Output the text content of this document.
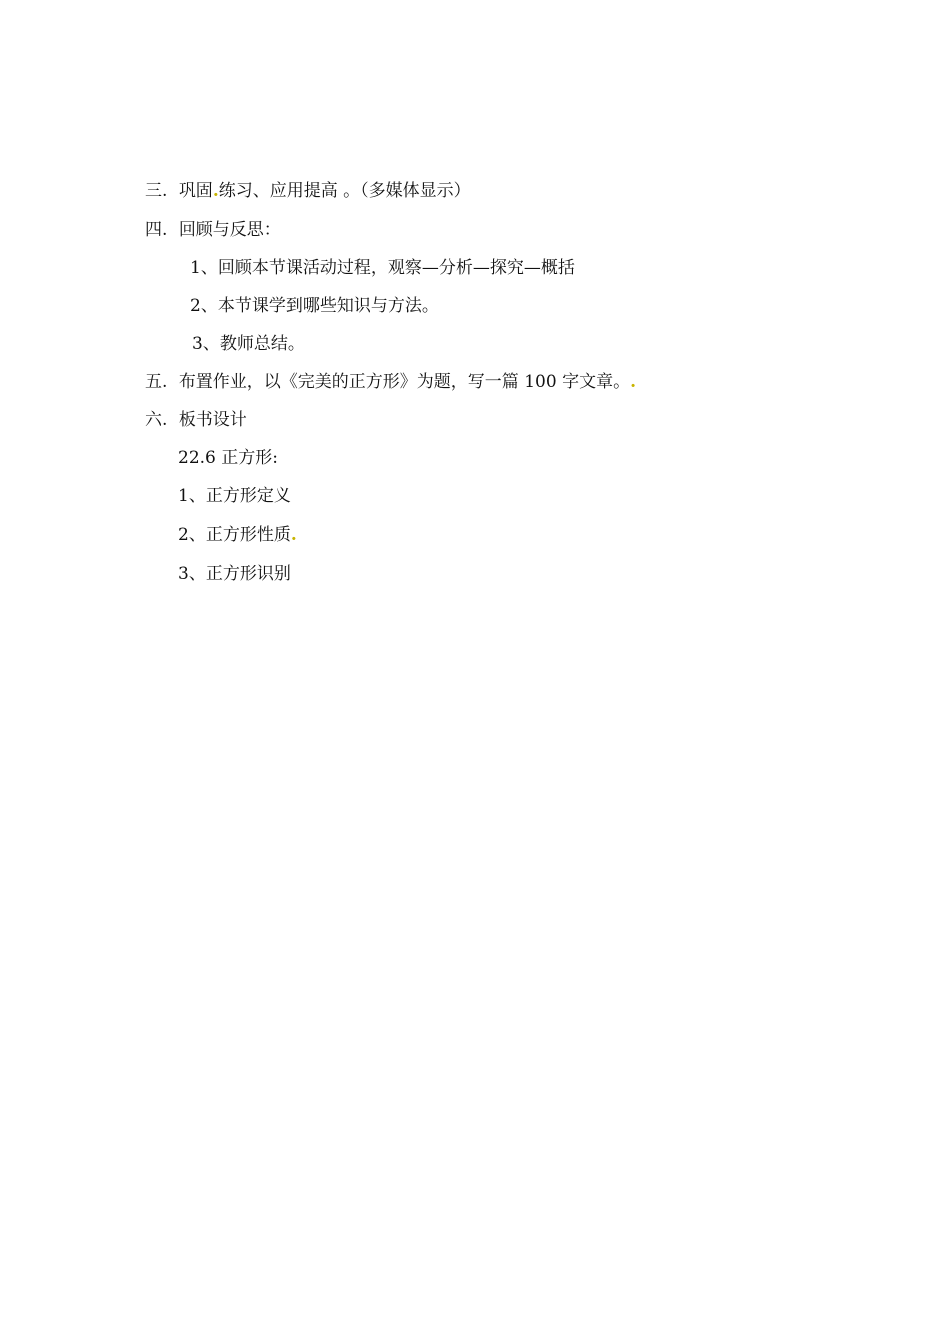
三. 巩固.练习、应用提高 。（多媒体显示）
四. 回顾与反思：
1、回顾本节课活动过程，观察—分析—探究—概括
2、本节课学到哪些知识与方法。
3、教师总结。
五. 布置作业，以《完美的正方形》为题，写一篇 100 字文章。.
六. 板书设计
22.6 正方形:
1、正方形定义
2、正方形性质.
3、正方形识别
